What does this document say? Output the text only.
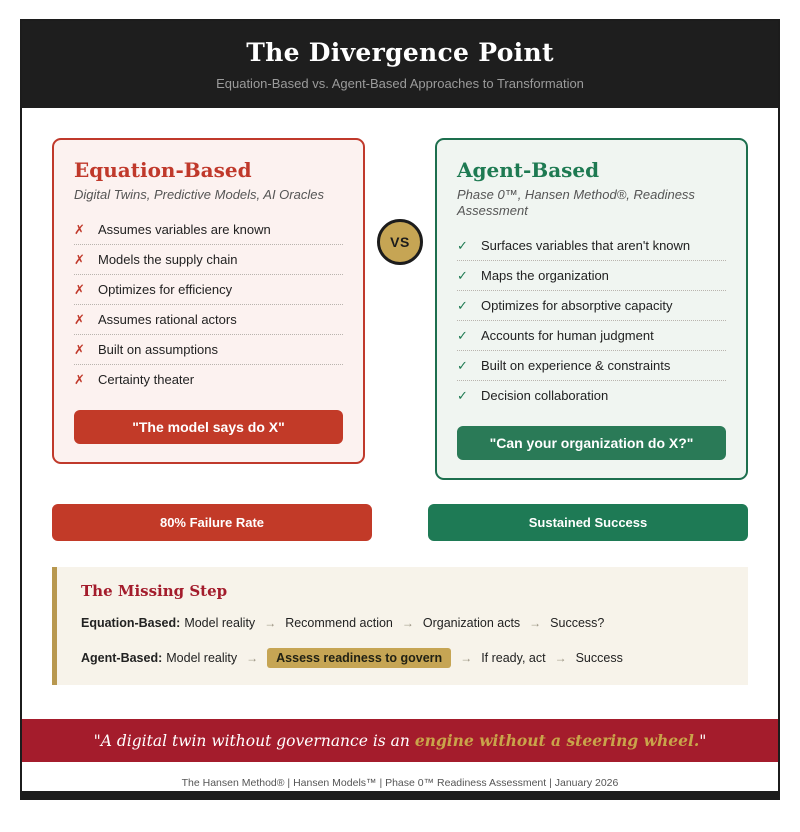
The Divergence Point

Equation-Based vs. Agent-Based Approaches to Transformation

Equation-Based

Digital Twins, Predictive Models, AI Oracles

✗	Assumes variables are known
✗	Models the supply chain
✗	Optimizes for efficiency
✗	Assumes rational actors
✗	Built on assumptions
✗	Certainty theater
"The model says do X"
VS
Agent-Based

Phase 0™, Hansen Method®, Readiness Assessment

✓	Surfaces variables that aren't known
✓	Maps the organization
✓	Optimizes for absorptive capacity
✓	Accounts for human judgment
✓	Built on experience & constraints
✓	Decision collaboration
"Can your organization do X?"
80% Failure Rate	Sustained Success
The Missing Step
Equation-Based: Model reality → Recommend action → Organization acts → Success?
Agent-Based: Model reality → Assess readiness to govern → If ready, act → Success
"A digital twin without governance is an engine without a steering wheel."
The Hansen Method® | Hansen Models™ | Phase 0™ Readiness Assessment | January 2026
